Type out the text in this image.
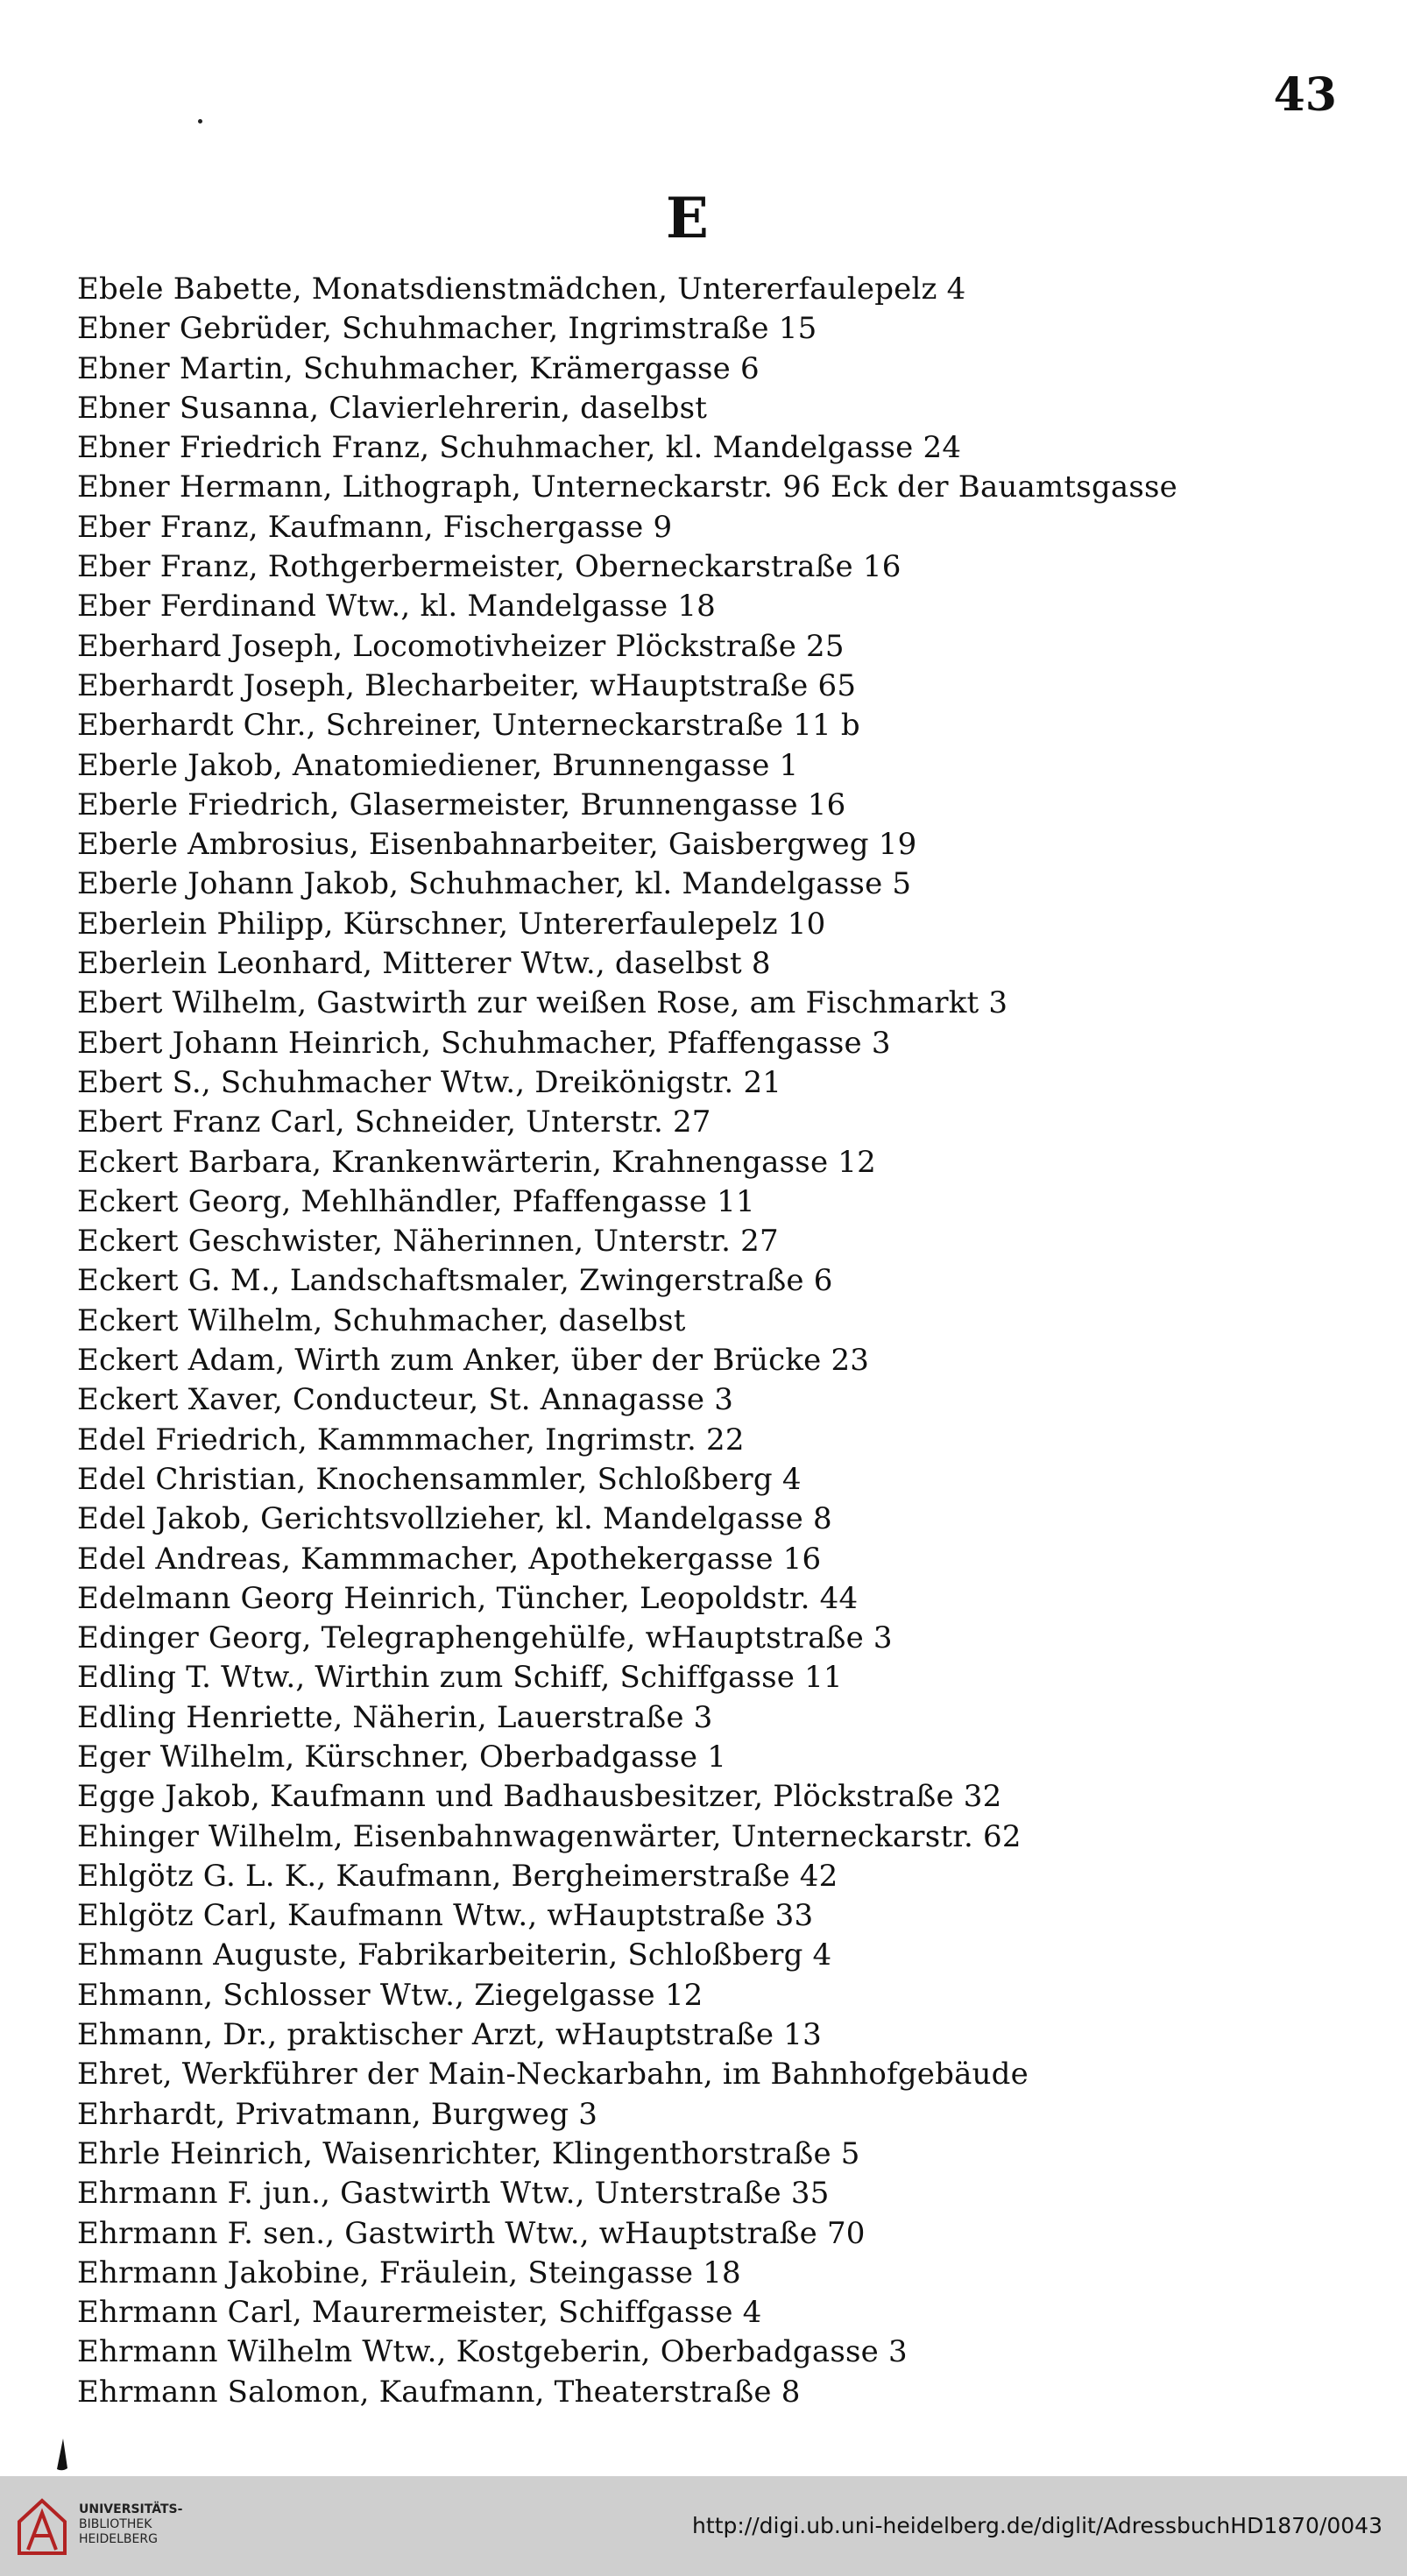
43
E
Ebele Babette, Monatsdienstmädchen, Untererfaulepelz 4
Ebner Gebrüder, Schuhmacher, Ingrimstraße 15
Ebner Martin, Schuhmacher, Krämergasse 6
Ebner Susanna, Clavierlehrerin, daselbst
Ebner Friedrich Franz, Schuhmacher, kl. Mandelgasse 24
Ebner Hermann, Lithograph, Unterneckarstr. 96 Eck der Bauamtsgasse
Eber Franz, Kaufmann, Fischergasse 9
Eber Franz, Rothgerbermeister, Oberneckarstraße 16
Eber Ferdinand Wtw., kl. Mandelgasse 18
Eberhard Joseph, Locomotivheizer Plöckstraße 25
Eberhardt Joseph, Blecharbeiter, wHauptstraße 65
Eberhardt Chr., Schreiner, Unterneckarstraße 11 b
Eberle Jakob, Anatomiediener, Brunnengasse 1
Eberle Friedrich, Glasermeister, Brunnengasse 16
Eberle Ambrosius, Eisenbahnarbeiter, Gaisbergweg 19
Eberle Johann Jakob, Schuhmacher, kl. Mandelgasse 5
Eberlein Philipp, Kürschner, Untererfaulepelz 10
Eberlein Leonhard, Mitterer Wtw., daselbst 8
Ebert Wilhelm, Gastwirth zur weißen Rose, am Fischmarkt 3
Ebert Johann Heinrich, Schuhmacher, Pfaffengasse 3
Ebert S., Schuhmacher Wtw., Dreikönigstr. 21
Ebert Franz Carl, Schneider, Unterstr. 27
Eckert Barbara, Krankenwärterin, Krahnengasse 12
Eckert Georg, Mehlhändler, Pfaffengasse 11
Eckert Geschwister, Näherinnen, Unterstr. 27
Eckert G. M., Landschaftsmaler, Zwingerstraße 6
Eckert Wilhelm, Schuhmacher, daselbst
Eckert Adam, Wirth zum Anker, über der Brücke 23
Eckert Xaver, Conducteur, St. Annagasse 3
Edel Friedrich, Kammmacher, Ingrimstr. 22
Edel Christian, Knochensammler, Schloßberg 4
Edel Jakob, Gerichtsvollzieher, kl. Mandelgasse 8
Edel Andreas, Kammmacher, Apothekergasse 16
Edelmann Georg Heinrich, Tüncher, Leopoldstr. 44
Edinger Georg, Telegraphengehülfe, wHauptstraße 3
Edling T. Wtw., Wirthin zum Schiff, Schiffgasse 11
Edling Henriette, Näherin, Lauerstraße 3
Eger Wilhelm, Kürschner, Oberbadgasse 1
Egge Jakob, Kaufmann und Badhausbesitzer, Plöckstraße 32
Ehinger Wilhelm, Eisenbahnwagenwärter, Unterneckarstr. 62
Ehlgötz G. L. K., Kaufmann, Bergheimerstraße 42
Ehlgötz Carl, Kaufmann Wtw., wHauptstraße 33
Ehmann Auguste, Fabrikarbeiterin, Schloßberg 4
Ehmann, Schlosser Wtw., Ziegelgasse 12
Ehmann, Dr., praktischer Arzt, wHauptstraße 13
Ehret, Werkführer der Main-Neckarbahn, im Bahnhofgebäude
Ehrhardt, Privatmann, Burgweg 3
Ehrle Heinrich, Waisenrichter, Klingenthorstraße 5
Ehrmann F. jun., Gastwirth Wtw., Unterstraße 35
Ehrmann F. sen., Gastwirth Wtw., wHauptstraße 70
Ehrmann Jakobine, Fräulein, Steingasse 18
Ehrmann Carl, Maurermeister, Schiffgasse 4
Ehrmann Wilhelm Wtw., Kostgeberin, Oberbadgasse 3
Ehrmann Salomon, Kaufmann, Theaterstraße 8
UNIVERSITÄTS-
BIBLIOTHEK
HEIDELBERG
http://digi.ub.uni-heidelberg.de/diglit/AdressbuchHD1870/0043
